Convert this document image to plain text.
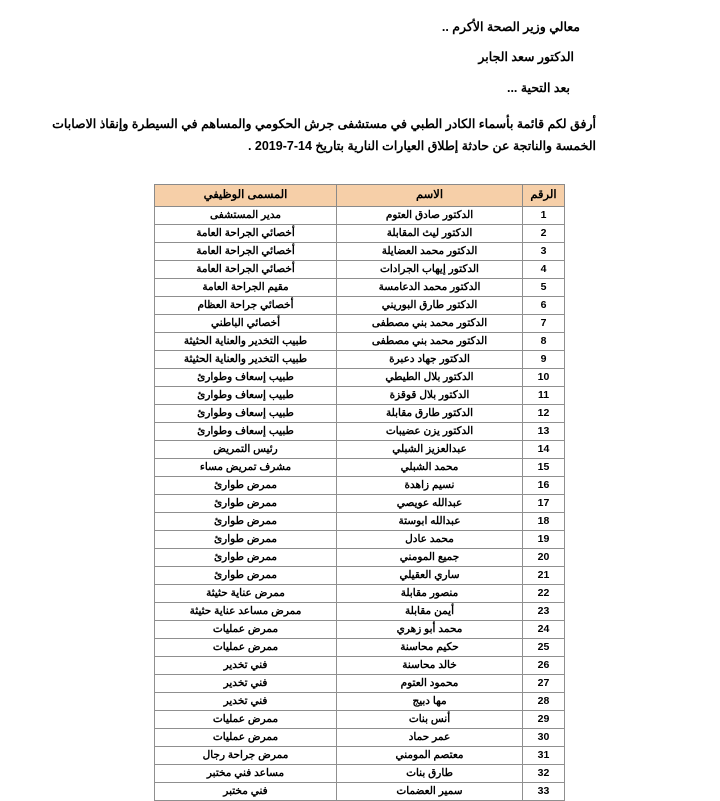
معالي وزير الصحة الأكرم ..
الدكتور سعد الجابر
بعد التحية ...
أرفق لكم قائمة بأسماء الكادر الطبي في مستشفى جرش الحكومي والمساهم في السيطرة وإنقاذ الاصابات الخمسة والناتجة عن حادثة إطلاق العيارات النارية بتاريخ 14-7-2019 .
الرقم	الاسم	المسمى الوظيفي
1	الدكتور صادق العتوم	مدير المستشفى
2	الدكتور ليث المقابلة	أخصائي الجراحة العامة
3	الدكتور محمد العضايلة	أخصائي الجراحة العامة
4	الدكتور إيهاب الجرادات	أخصائي الجراحة العامة
5	الدكتور محمد الدعامسة	مقيم الجراحة العامة
6	الدكتور طارق البوريني	أخصائي جراحة العظام
7	الدكتور محمد بني مصطفى	أخصائي الباطني
8	الدكتور محمد بني مصطفى	طبيب التخدير والعناية الحثيثة
9	الدكتور جهاد دعبرة	طبيب التخدير والعناية الحثيثة
10	الدكتور بلال الطيطي	طبيب إسعاف وطوارئ
11	الدكتور بلال قوقزة	طبيب إسعاف وطوارئ
12	الدكتور طارق مقابلة	طبيب إسعاف وطوارئ
13	الدكتور يزن عضيبات	طبيب إسعاف وطوارئ
14	عبدالعزيز الشبلي	رئيس التمريض
15	محمد الشبلي	مشرف تمريض مساء
16	نسيم زاهدة	ممرض طوارئ
17	عبدالله عويصي	ممرض طوارئ
18	عبدالله ابوستة	ممرض طوارئ
19	محمد عادل	ممرض طوارئ
20	جميع المومني	ممرض طوارئ
21	ساري العقيلي	ممرض طوارئ
22	منصور مقابلة	ممرض عناية حثيثة
23	أيمن مقابلة	ممرض مساعد عناية حثيثة
24	محمد أبو زهري	ممرض عمليات
25	حكيم محاسنة	ممرض عمليات
26	خالد محاسنة	فني تخدير
27	محمود العتوم	فني تخدير
28	مها دبيج	فني تخدير
29	أنس بنات	ممرض عمليات
30	عمر حماد	ممرض عمليات
31	معتصم المومني	ممرض جراحة رجال
32	طارق بنات	مساعد فني مختبر
33	سمير العضمات	فني مختبر
